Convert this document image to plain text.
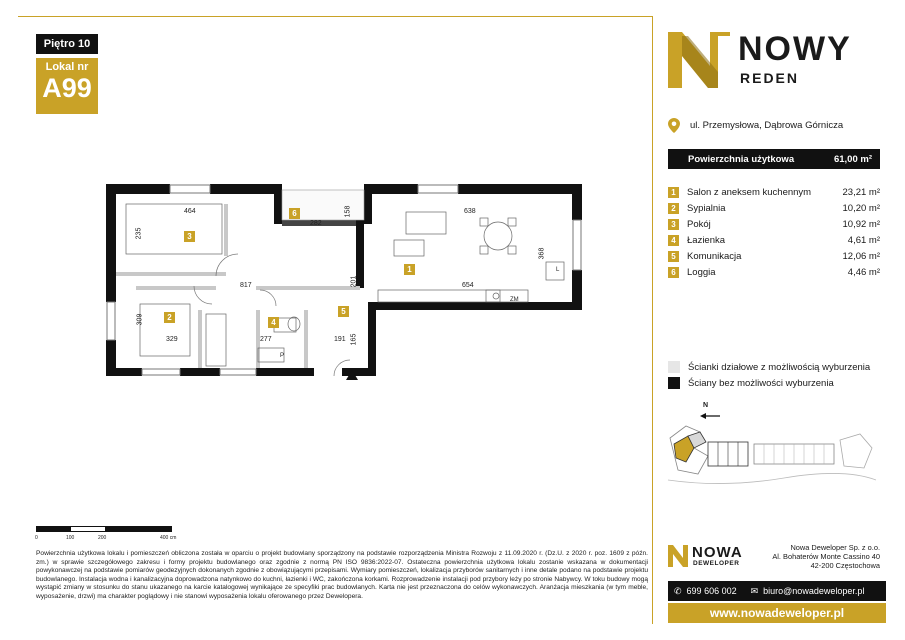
Piętro 10
Lokal nr
A99
NOWY
REDEN
ul. Przemysłowa, Dąbrowa Górnicza
Powierzchnia użytkowa	61,00 m²
1	Salon z aneksem kuchennym	23,21 m²
2	Sypialnia	10,20 m²
3	Pokój	10,92 m²
4	Łazienka	4,61 m²
5	Komunikacja	12,06 m²
6	Loggia	4,46 m²
Ścianki działowe z możliwością wyburzenia
Ściany bez możliwości wyburzenia
N
1
2
3
4
5
6
464
235
282
158	638
368
817	201	654
309
329	277	191 165
L
ZM
P
0	100	200	400 cm
Powierzchnia użytkowa lokalu i pomieszczeń obliczona została w oparciu o projekt budowlany sporządzony na podstawie rozporządzenia Ministra Rozwoju z 11.09.2020 r. (Dz.U. z 2020 r. poz. 1609 z późn. zm.) w sprawie szczegółowego zakresu i formy projektu budowlanego oraz zgodnie z normą PN ISO 9836:2022-07. Ostateczna powierzchnia użytkowa lokalu zostanie wskazana w dokumentacji powykonawczej na podstawie pomiarów geodezyjnych dokonanych zgodnie z obowiązującymi przepisami. Wymiary pomieszczeń, lokalizacja przyborów sanitarnych i inne detale podano na podstawie projektu budowlanego. Instalacja wodna i kanalizacyjna doprowadzona natynkowo do kuchni, łazienki i WC, zakończona korkami. Rozprowadzenie instalacji pod przybory leży po stronie Nabywcy. W toku budowy mogą wystąpić zmiany w stosunku do stanu ukazanego na karcie katalogowej wynikające ze specyfiki prac budowlanych. Karta nie jest przeznaczona do celów wykonawczych. Aranżacja mieszkania (w tym meble, wyposażenie, drzwi) ma charakter poglądowy i nie stanowi wyposażenia lokalu oferowanego przez Dewelopera.
NOWA
DEWELOPER
Nowa Deweloper Sp. z o.o.
Al. Bohaterów Monte Cassino 40
42-200 Częstochowa
✆ 699 606 002 ✉ biuro@nowadeweloper.pl
www.nowadeweloper.pl
